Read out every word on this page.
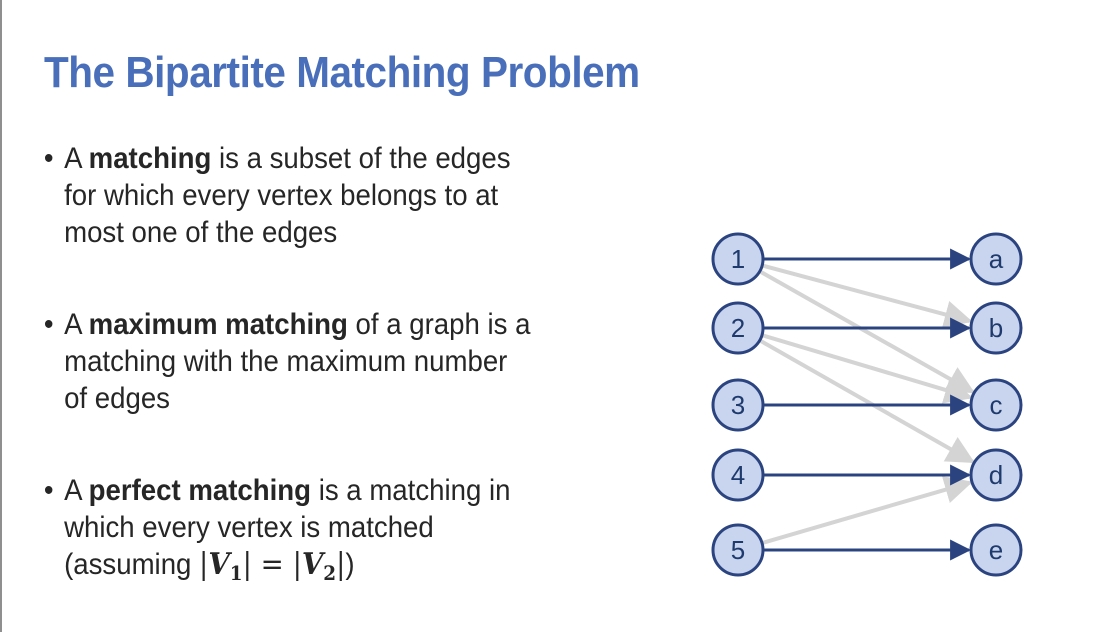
The Bipartite Matching Problem
• A matching is a subset of the edges
for which every vertex belongs to at
most one of the edges
• A maximum matching of a graph is a
matching with the maximum number
of edges
• A perfect matching is a matching in
which every vertex is matched
(assuming $|V_1| = |V_2|$)
1
2
3
4
5
a
b
c
d
e
